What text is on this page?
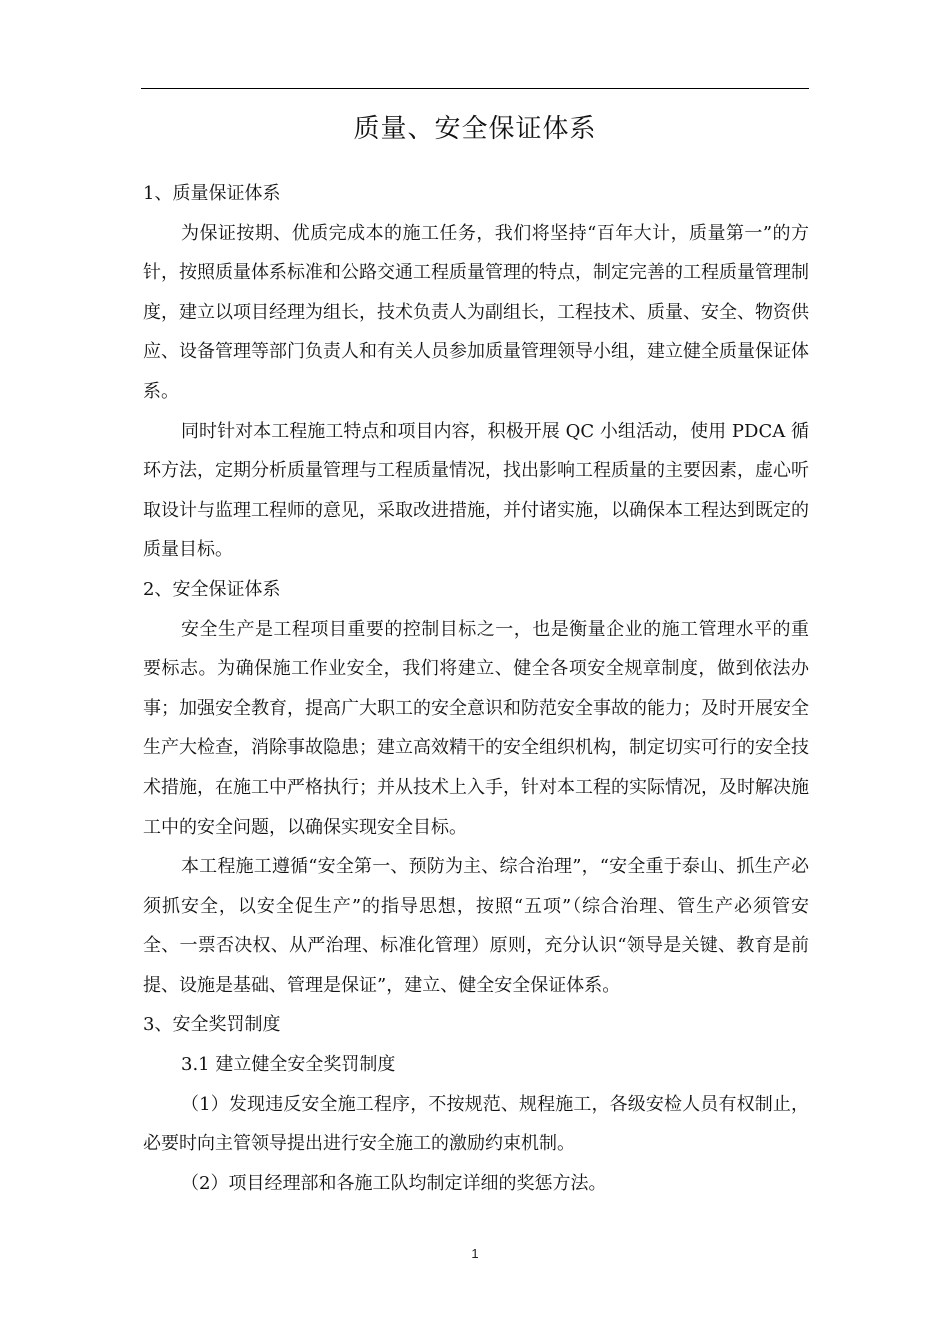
质量、安全保证体系

1、质量保证体系

为保证按期、优质完成本的施工任务，我们将坚持“百年大计，质量第一”的方针，按照质量体系标准和公路交通工程质量管理的特点，制定完善的工程质量管理制度，建立以项目经理为组长，技术负责人为副组长，工程技术、质量、安全、物资供应、设备管理等部门负责人和有关人员参加质量管理领导小组，建立健全质量保证体系。

同时针对本工程施工特点和项目内容，积极开展 QC 小组活动，使用 PDCA 循环方法，定期分析质量管理与工程质量情况，找出影响工程质量的主要因素，虚心听取设计与监理工程师的意见，采取改进措施，并付诸实施，以确保本工程达到既定的质量目标。

2、安全保证体系

安全生产是工程项目重要的控制目标之一，也是衡量企业的施工管理水平的重要标志。为确保施工作业安全，我们将建立、健全各项安全规章制度，做到依法办事；加强安全教育，提高广大职工的安全意识和防范安全事故的能力；及时开展安全生产大检查，消除事故隐患；建立高效精干的安全组织机构，制定切实可行的安全技术措施，在施工中严格执行；并从技术上入手，针对本工程的实际情况，及时解决施工中的安全问题，以确保实现安全目标。

本工程施工遵循“安全第一、预防为主、综合治理”，“安全重于泰山、抓生产必须抓安全，以安全促生产”的指导思想，按照“五项”（综合治理、管生产必须管安全、一票否决权、从严治理、标准化管理）原则，充分认识“领导是关键、教育是前提、设施是基础、管理是保证”，建立、健全安全保证体系。

3、安全奖罚制度

3.1 建立健全安全奖罚制度

（1）发现违反安全施工程序，不按规范、规程施工，各级安检人员有权制止，必要时向主管领导提出进行安全施工的激励约束机制。

（2）项目经理部和各施工队均制定详细的奖惩方法。

1
